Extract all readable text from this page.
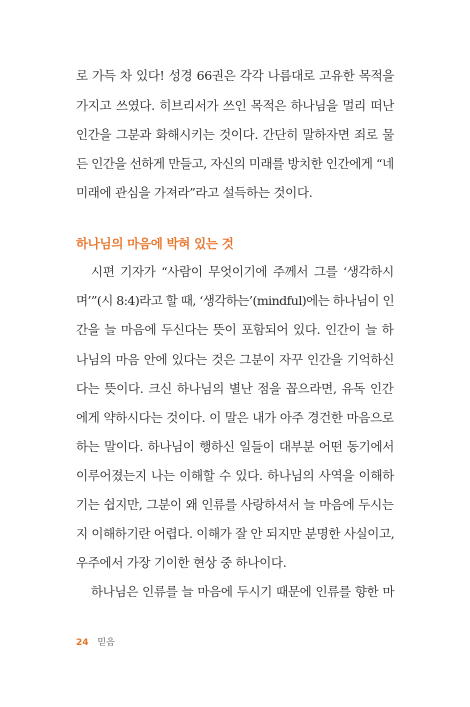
로 가득 차 있다! 성경 66권은 각각 나름대로 고유한 목적을
가지고 쓰였다. 히브리서가 쓰인 목적은 하나님을 멀리 떠난
인간을 그분과 화해시키는 것이다. 간단히 말하자면 죄로 물
든 인간을 선하게 만들고, 자신의 미래를 방치한 인간에게 “네
미래에 관심을 가져라”라고 설득하는 것이다.
하나님의 마음에 박혀 있는 것
시편 기자가 “사람이 무엇이기에 주께서 그를 ‘생각하시
며’”(시 8:4)라고 할 때, ‘생각하는’(mindful)에는 하나님이 인
간을 늘 마음에 두신다는 뜻이 포함되어 있다. 인간이 늘 하
나님의 마음 안에 있다는 것은 그분이 자꾸 인간을 기억하신
다는 뜻이다. 크신 하나님의 별난 점을 꼽으라면, 유독 인간
에게 약하시다는 것이다. 이 말은 내가 아주 경건한 마음으로
하는 말이다. 하나님이 행하신 일들이 대부분 어떤 동기에서
이루어졌는지 나는 이해할 수 있다. 하나님의 사역을 이해하
기는 쉽지만, 그분이 왜 인류를 사랑하셔서 늘 마음에 두시는
지 이해하기란 어렵다. 이해가 잘 안 되지만 분명한 사실이고,
우주에서 가장 기이한 현상 중 하나이다.
하나님은 인류를 늘 마음에 두시기 때문에 인류를 향한 마
24 믿음
